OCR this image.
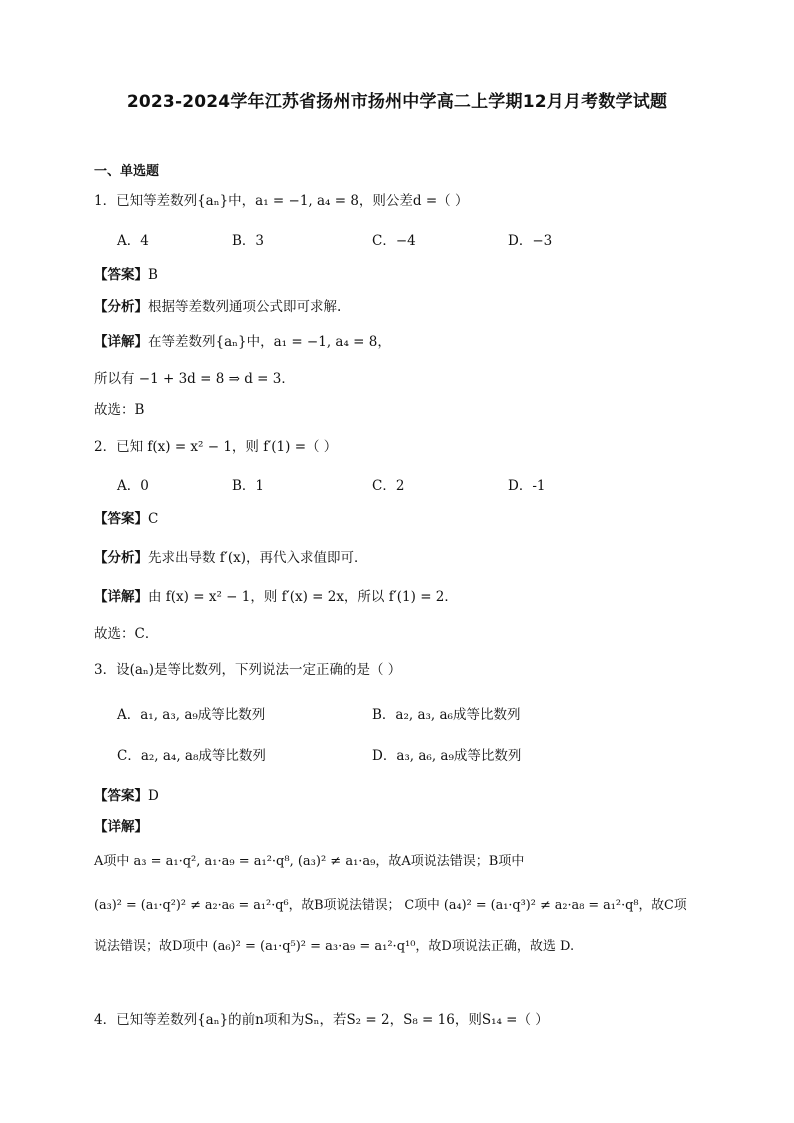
2023-2024学年江苏省扬州市扬州中学高二上学期12月月考数学试题
一、单选题
1．已知等差数列{aₙ}中，a₁ = −1, a₄ = 8，则公差d =（ ）
A．4	B．3	C．−4	D．−3
【答案】B
【分析】根据等差数列通项公式即可求解.
【详解】在等差数列{aₙ}中，a₁ = −1, a₄ = 8，
所以有 −1 + 3d = 8 ⇒ d = 3．
故选：B
2．已知 f(x) = x² − 1，则 f′(1) =（ ）
A．0	B．1	C．2	D．-1
【答案】C
【分析】先求出导数 f′(x)，再代入求值即可．
【详解】由 f(x) = x² − 1，则 f′(x) = 2x，所以 f′(1) = 2．
故选：C．
3．设(aₙ)是等比数列，下列说法一定正确的是（ ）
A．a₁, a₃, a₉成等比数列	B．a₂, a₃, a₆成等比数列
C．a₂, a₄, a₈成等比数列	D．a₃, a₆, a₉成等比数列
【答案】D
【详解】
A项中 a₃ = a₁·q², a₁·a₉ = a₁²·q⁸, (a₃)² ≠ a₁·a₉，故A项说法错误；B项中
(a₃)² = (a₁·q²)² ≠ a₂·a₆ = a₁²·q⁶，故B项说法错误； C项中 (a₄)² = (a₁·q³)² ≠ a₂·a₈ = a₁²·q⁸，故C项
说法错误；故D项中 (a₆)² = (a₁·q⁵)² = a₃·a₉ = a₁²·q¹⁰，故D项说法正确，故选 D.
4．已知等差数列{aₙ}的前n项和为Sₙ，若S₂ = 2，S₈ = 16，则S₁₄ =（ ）
